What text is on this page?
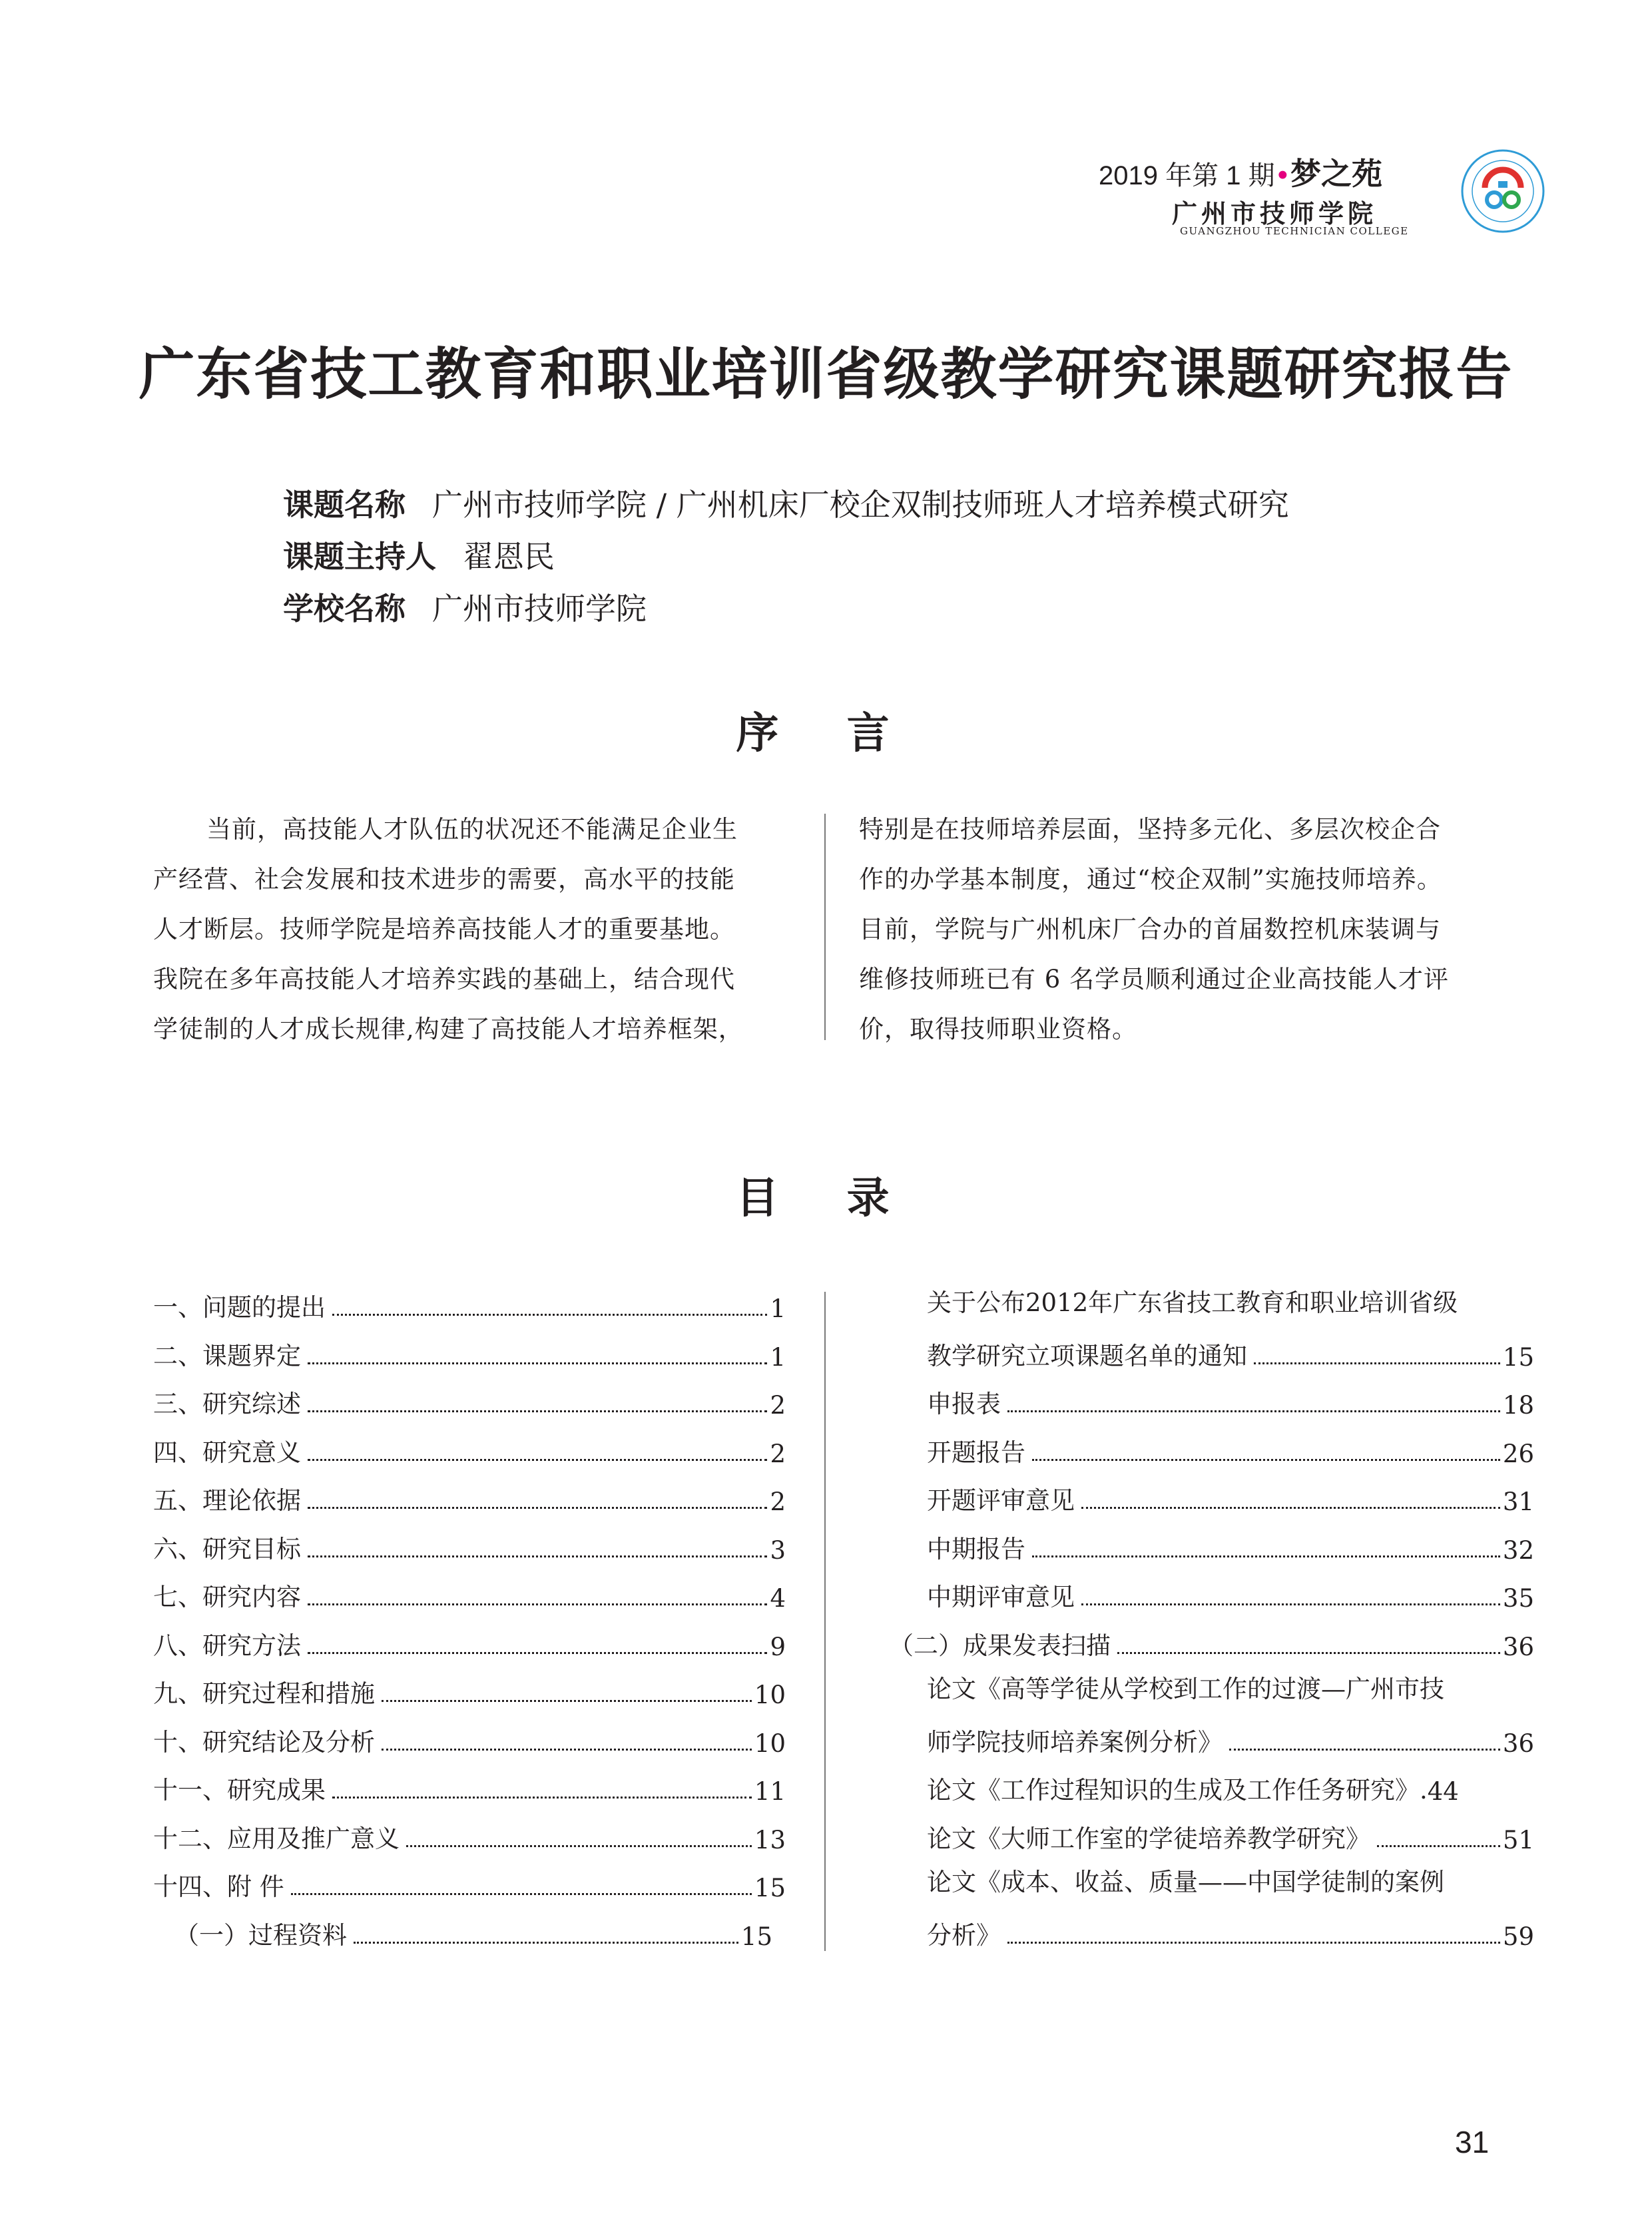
2019 年第 1 期•梦之苑
广州市技师学院
GUANGZHOU TECHNICIAN COLLEGE
广东省技工教育和职业培训省级教学研究课题研究报告
课题名称 广州市技师学院 / 广州机床厂校企双制技师班人才培养模式研究
课题主持人 翟恩民
学校名称 广州市技师学院
序 言
当前，高技能人才队伍的状况还不能满足企业生
产经营、社会发展和技术进步的需要，高水平的技能
人才断层。技师学院是培养高技能人才的重要基地。
我院在多年高技能人才培养实践的基础上，结合现代
学徒制的人才成长规律,构建了高技能人才培养框架，
特别是在技师培养层面，坚持多元化、多层次校企合
作的办学基本制度，通过“校企双制”实施技师培养。
目前，学院与广州机床厂合办的首届数控机床装调与
维修技师班已有 6 名学员顺利通过企业高技能人才评
价，取得技师职业资格。
目 录
一、问题的提出	1
二、课题界定	1
三、研究综述	2
四、研究意义	2
五、理论依据	2
六、研究目标	3
七、研究内容	4
八、研究方法	9
九、研究过程和措施	10
十、研究结论及分析	10
十一、研究成果	11
十二、应用及推广意义	13
十四、附 件	15
（一）过程资料	15
关于公布2012年广东省技工教育和职业培训省级
教学研究立项课题名单的通知	15
申报表	18
开题报告	26
开题评审意见	31
中期报告	32
中期评审意见	35
（二）成果发表扫描	36
论文《高等学徒从学校到工作的过渡—广州市技
师学院技师培养案例分析》	36
论文《工作过程知识的生成及工作任务研究》. 44
论文《大师工作室的学徒培养教学研究》	51
论文《成本、收益、质量——中国学徒制的案例
分析》	59
31
